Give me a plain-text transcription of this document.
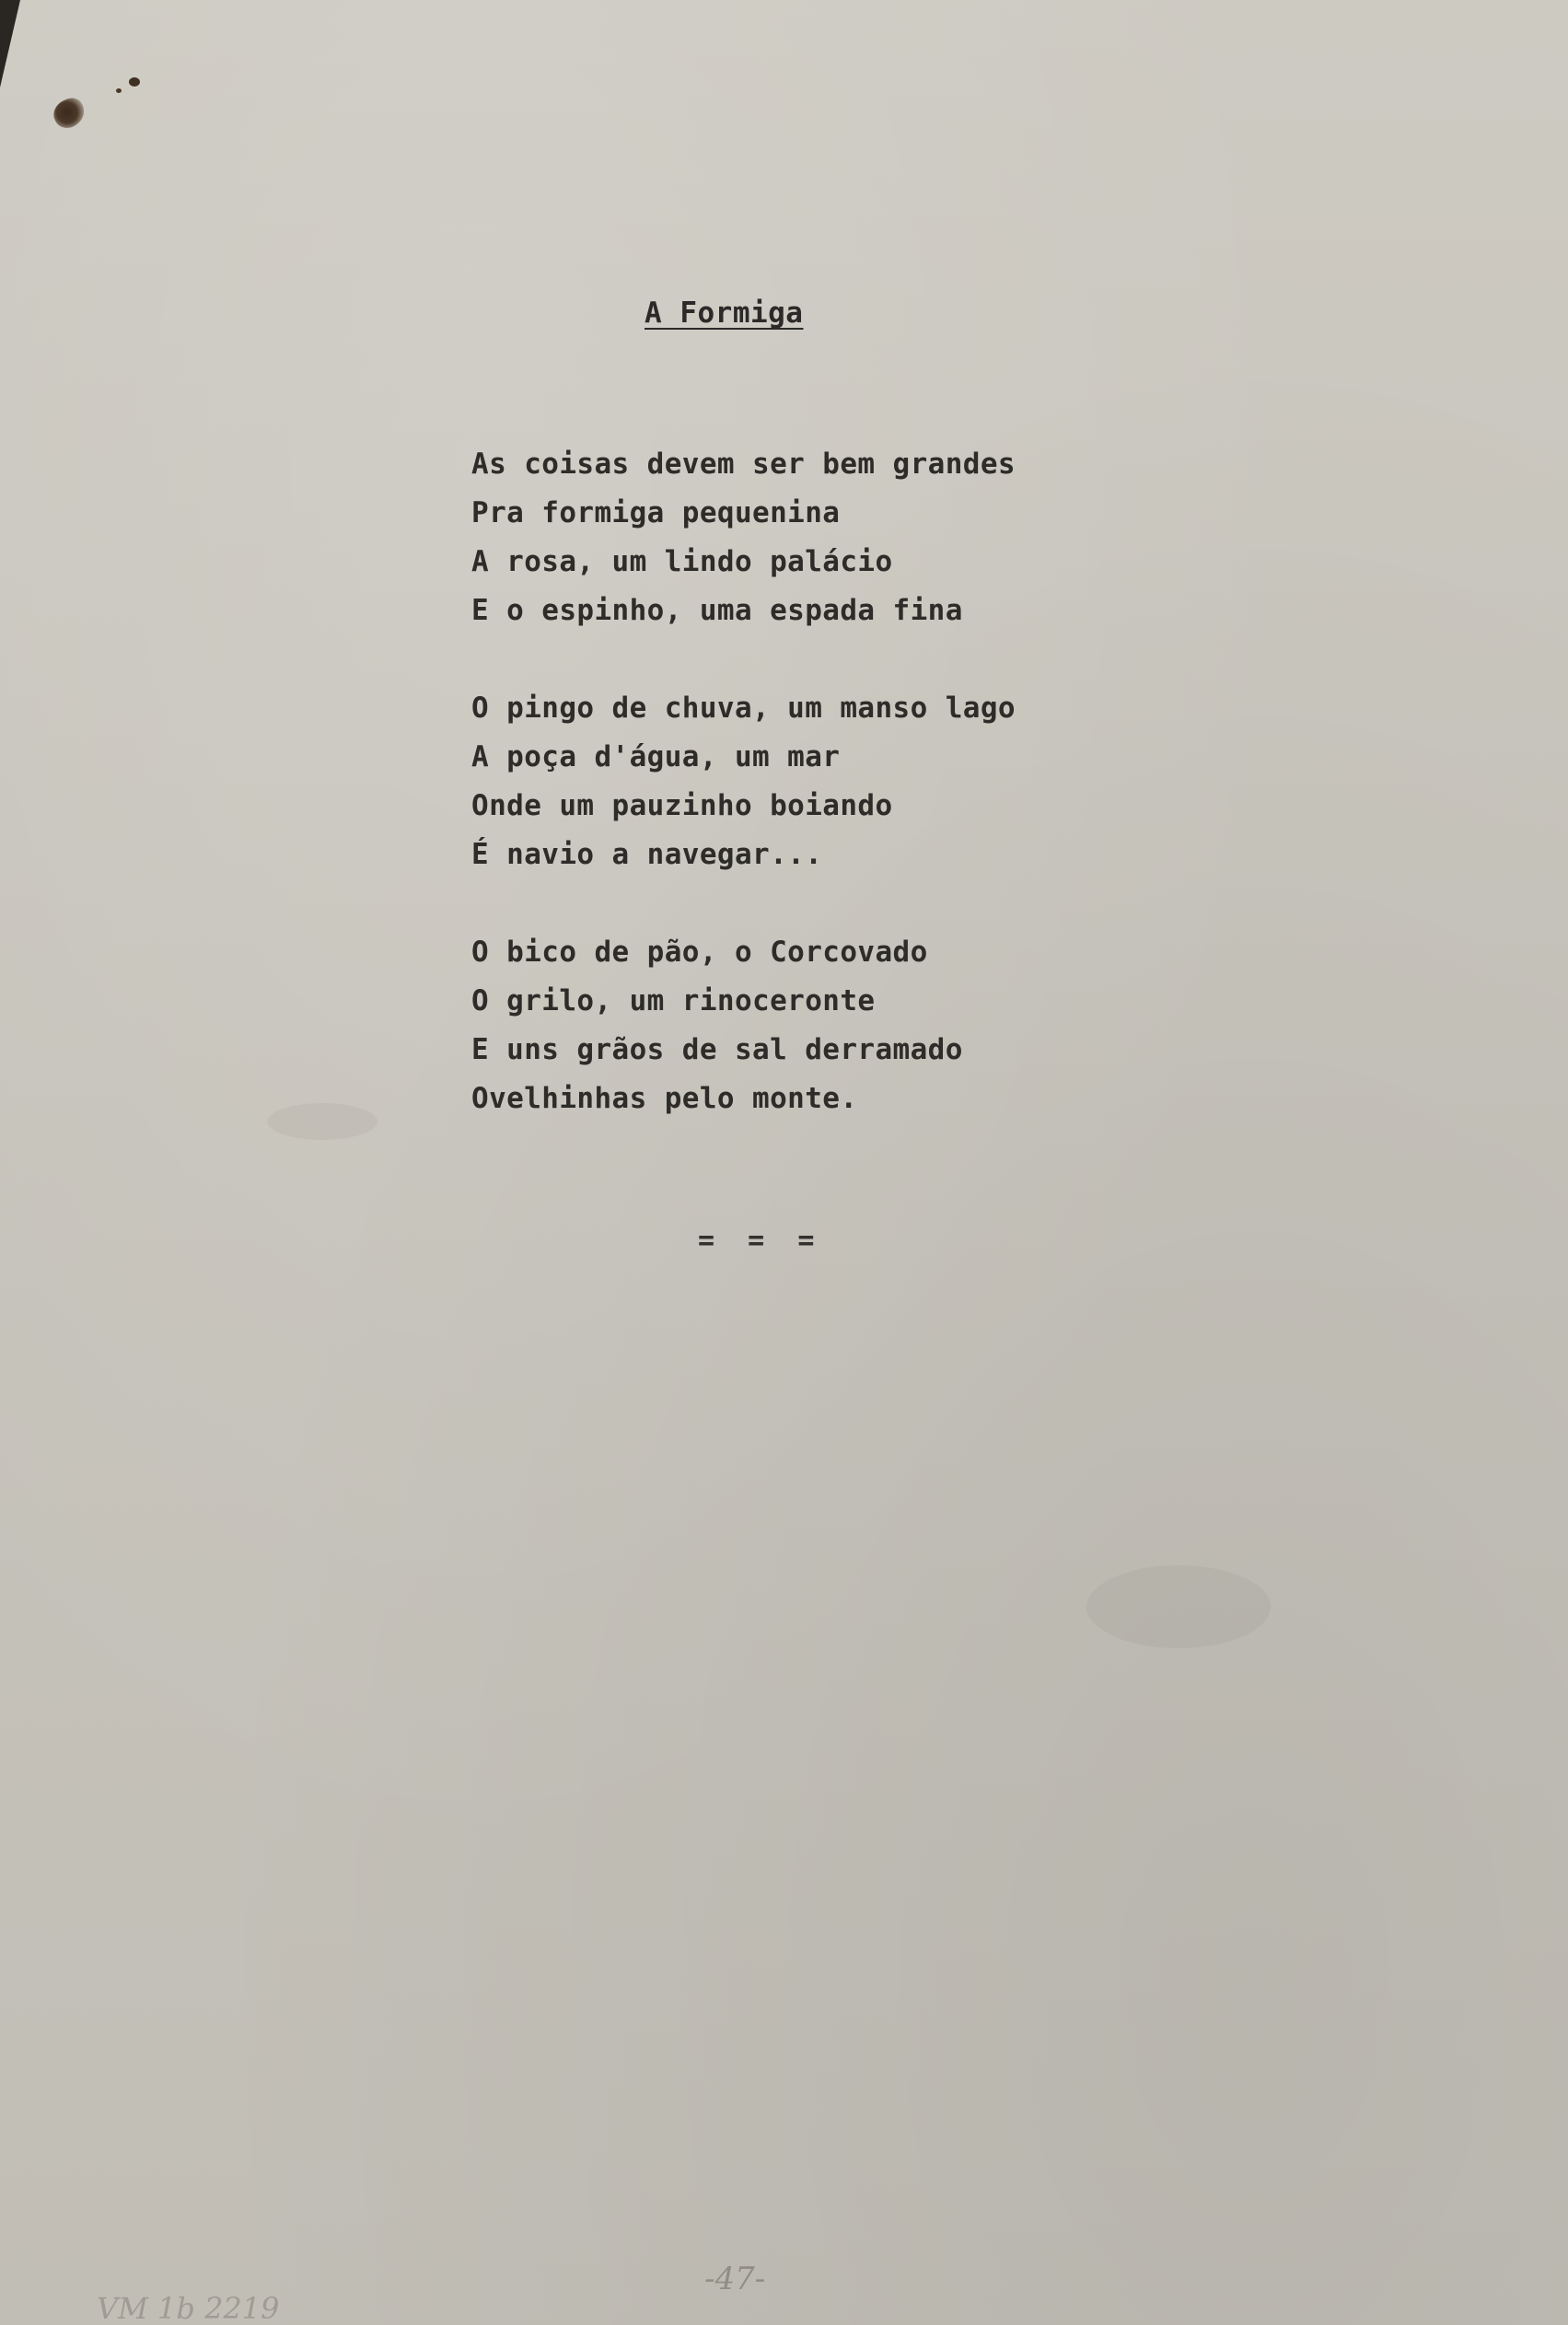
A Formiga
As coisas devem ser bem grandes
Pra formiga pequenina
A rosa, um lindo palácio
E o espinho, uma espada fina
O pingo de chuva, um manso lago
A poça d'água, um mar
Onde um pauzinho boiando
É navio a navegar...
O bico de pão, o Corcovado
O grilo, um rinoceronte
E uns grãos de sal derramado
Ovelhinhas pelo monte.

=  =  =

-47-

VM 1b 2219
